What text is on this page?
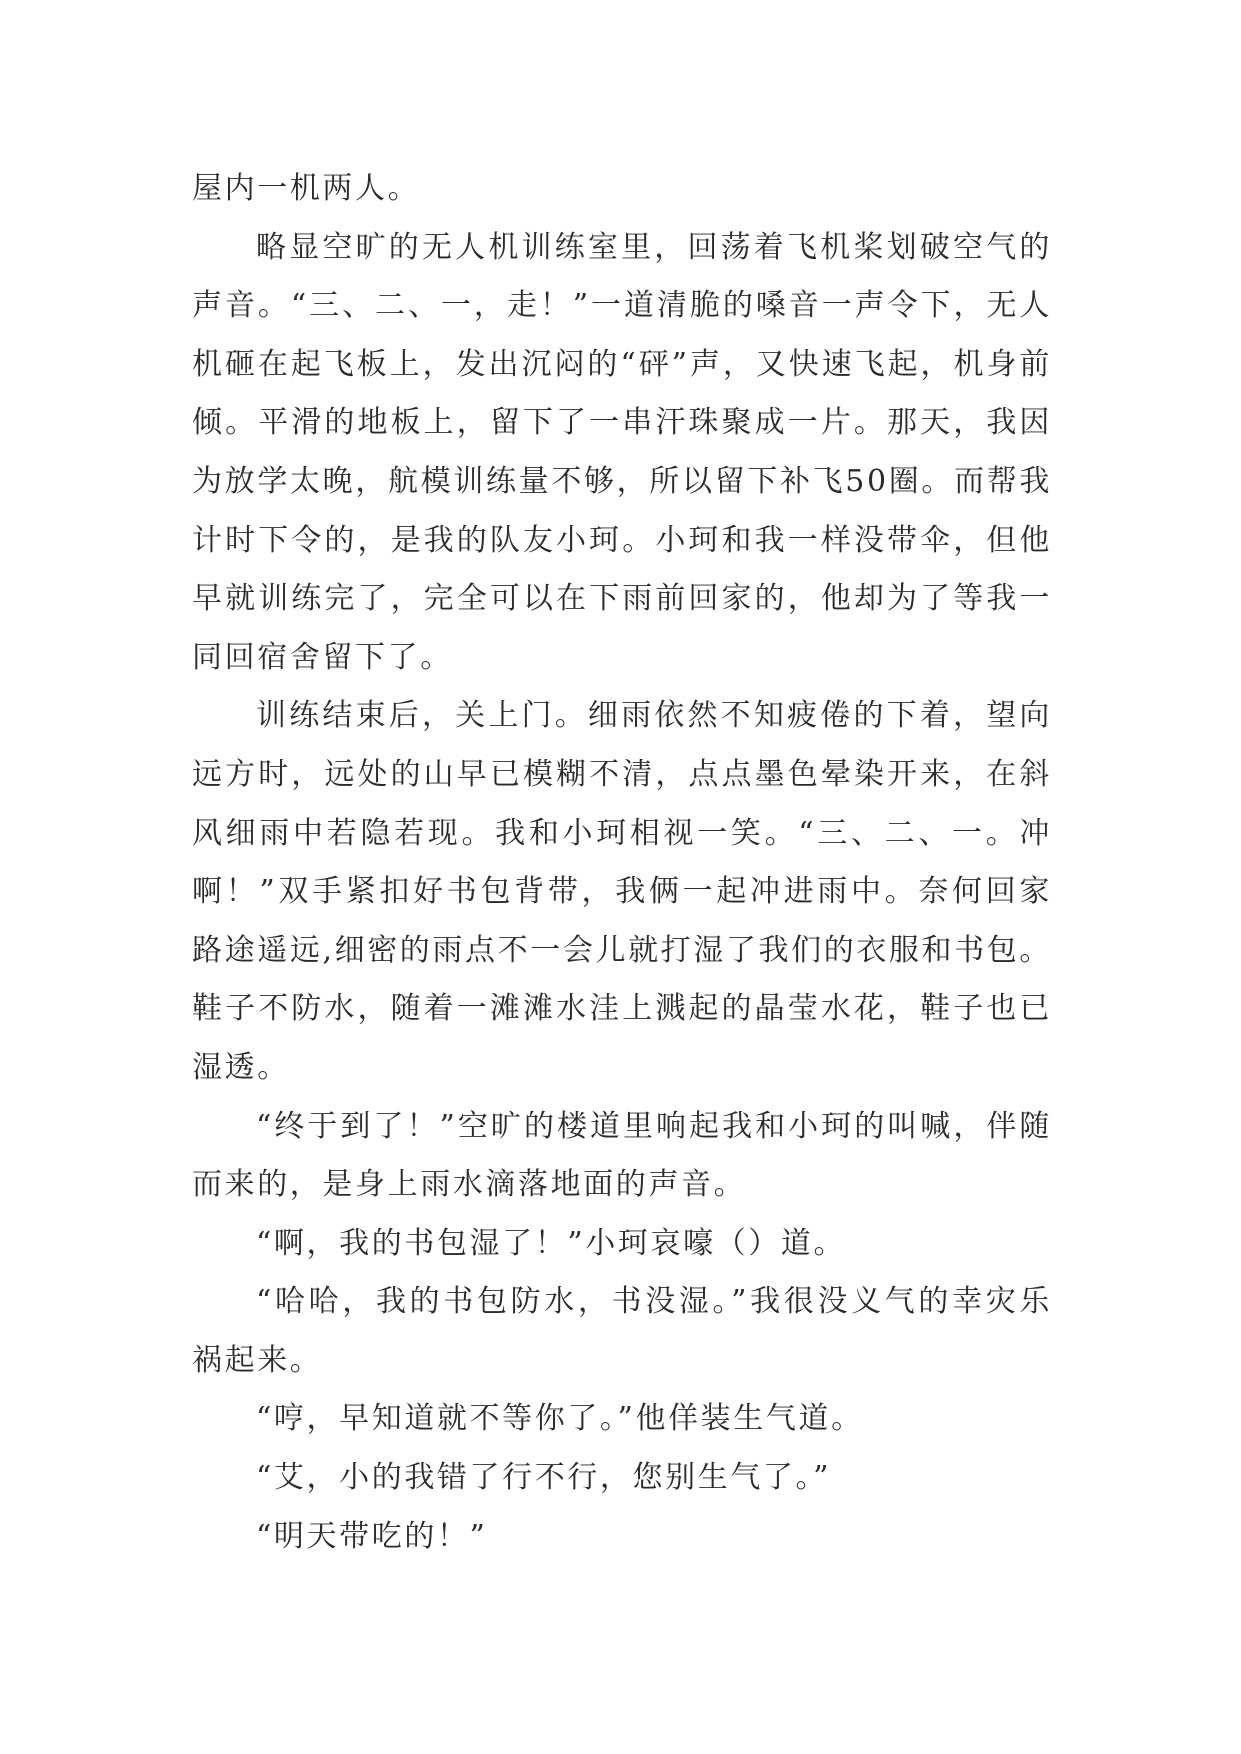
屋内一机两人。

略显空旷的无人机训练室里，回荡着飞机桨划破空气的声音。“三、二、一，走！”一道清脆的嗓音一声令下，无人机砸在起飞板上，发出沉闷的“砰”声，又快速飞起，机身前倾。平滑的地板上，留下了一串汗珠聚成一片。那天，我因为放学太晚，航模训练量不够，所以留下补飞50圈。而帮我计时下令的，是我的队友小珂。小珂和我一样没带伞，但他早就训练完了，完全可以在下雨前回家的，他却为了等我一同回宿舍留下了。

训练结束后，关上门。细雨依然不知疲倦的下着，望向远方时，远处的山早已模糊不清，点点墨色晕染开来，在斜风细雨中若隐若现。我和小珂相视一笑。“三、二、一。冲啊！”双手紧扣好书包背带，我俩一起冲进雨中。奈何回家路途遥远,细密的雨点不一会儿就打湿了我们的衣服和书包。鞋子不防水，随着一滩滩水洼上溅起的晶莹水花，鞋子也已湿透。

“终于到了！”空旷的楼道里响起我和小珂的叫喊，伴随而来的，是身上雨水滴落地面的声音。

“啊，我的书包湿了！”小珂哀嚎（）道。

“哈哈，我的书包防水，书没湿。”我很没义气的幸灾乐祸起来。

“哼，早知道就不等你了。”他佯装生气道。

“艾，小的我错了行不行，您别生气了。”

“明天带吃的！”
